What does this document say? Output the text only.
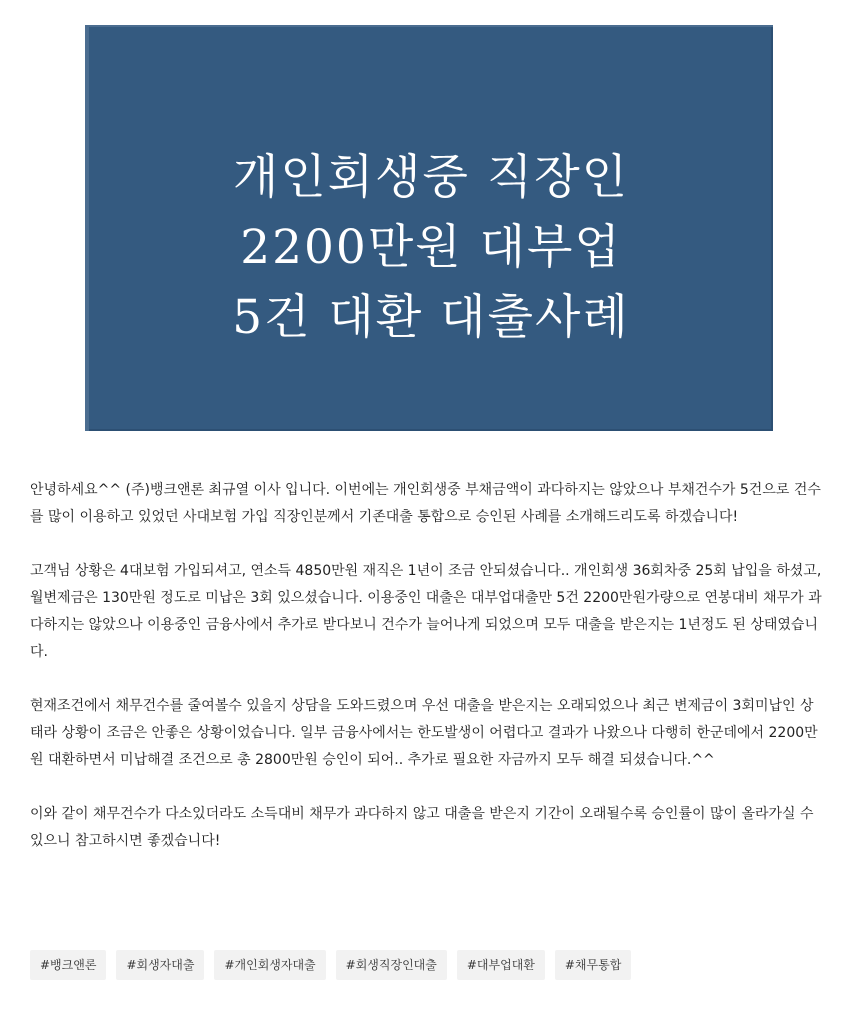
개인회생중 직장인
2200만원 대부업
5건 대환 대출사례

안녕하세요^^ (주)뱅크앤론 최규열 이사 입니다. 이번에는 개인회생중 부채금액이 과다하지는 않았으나 부채건수가 5건으로 건수를 많이 이용하고 있었던 사대보험 가입 직장인분께서 기존대출 통합으로 승인된 사례를 소개해드리도록 하겠습니다!

고객님 상황은 4대보험 가입되셔고, 연소득 4850만원 재직은 1년이 조금 안되셨습니다.. 개인회생 36회차중 25회 납입을 하셨고, 월변제금은 130만원 정도로 미납은 3회 있으셨습니다. 이용중인 대출은 대부업대출만 5건 2200만원가량으로 연봉대비 채무가 과다하지는 않았으나 이용중인 금융사에서 추가로 받다보니 건수가 늘어나게 되었으며 모두 대출을 받은지는 1년정도 된 상태였습니다.

현재조건에서 채무건수를 줄여볼수 있을지 상담을 도와드렸으며 우선 대출을 받은지는 오래되었으나 최근 변제금이 3회미납인 상태라 상황이 조금은 안좋은 상황이었습니다. 일부 금융사에서는 한도발생이 어렵다고 결과가 나왔으나 다행히 한군데에서 2200만원 대환하면서 미납해결 조건으로 총 2800만원 승인이 되어.. 추가로 필요한 자금까지 모두 해결 되셨습니다.^^

이와 같이 채무건수가 다소있더라도 소득대비 채무가 과다하지 않고 대출을 받은지 기간이 오래될수록 승인률이 많이 올라가실 수 있으니 참고하시면 좋겠습니다!

#뱅크앤론	#회생자대출	#개인회생자대출	#회생직장인대출	#대부업대환	#채무통합
